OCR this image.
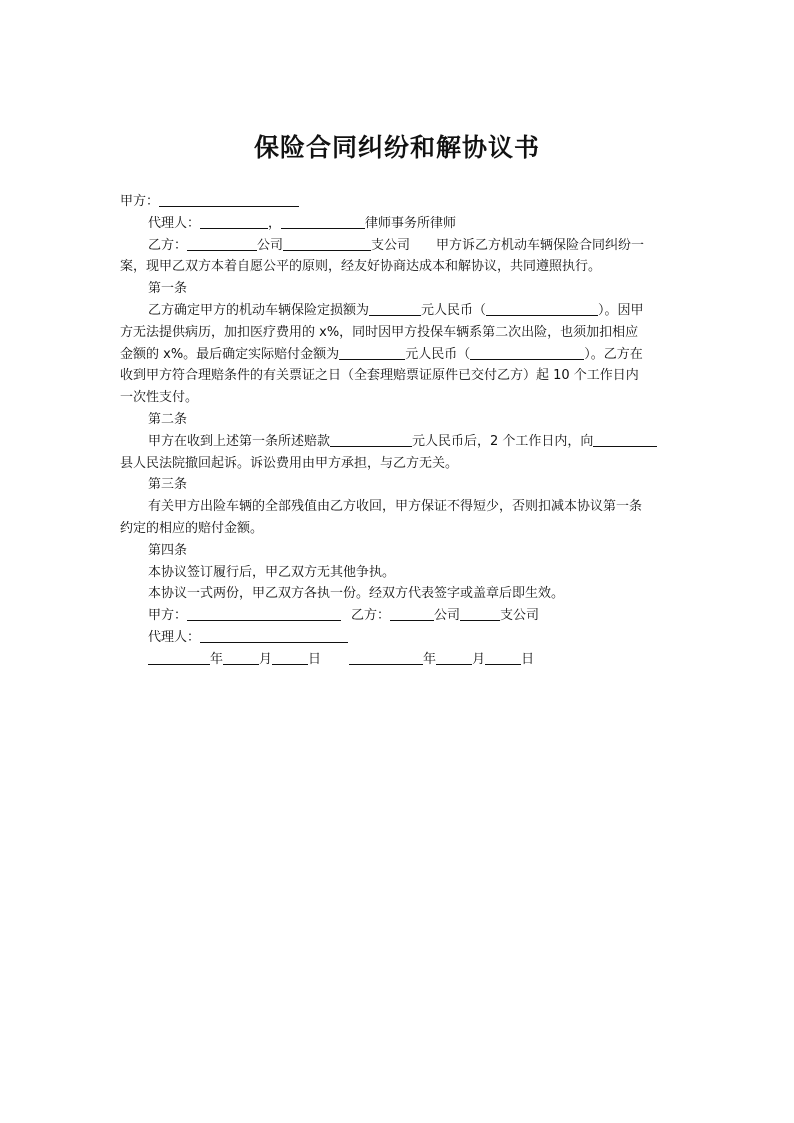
保险合同纠纷和解协议书
甲方：
代理人：	，	律师事务所律师
乙方：	公司	支公司 甲方诉乙方机动车辆保险合同纠纷一
案，现甲乙双方本着自愿公平的原则，经友好协商达成本和解协议，共同遵照执行。
第一条
乙方确定甲方的机动车辆保险定损额为	元人民币（	）。因甲
方无法提供病历，加扣医疗费用的 x%，同时因甲方投保车辆系第二次出险，也须加扣相应
金额的 x%。最后确定实际赔付金额为	元人民币（	）。乙方在
收到甲方符合理赔条件的有关票证之日（全套理赔票证原件已交付乙方）起 10 个工作日内
一次性支付。
第二条
甲方在收到上述第一条所述赔款	元人民币后，2 个工作日内，向
县人民法院撤回起诉。诉讼费用由甲方承担，与乙方无关。
第三条
有关甲方出险车辆的全部残值由乙方收回，甲方保证不得短少，否则扣减本协议第一条
约定的相应的赔付金额。
第四条
本协议签订履行后，甲乙双方无其他争执。
本协议一式两份，甲乙双方各执一份。经双方代表签字或盖章后即生效。
甲方：	乙方：	公司	支公司
代理人：
年	月	日	年	月	日
